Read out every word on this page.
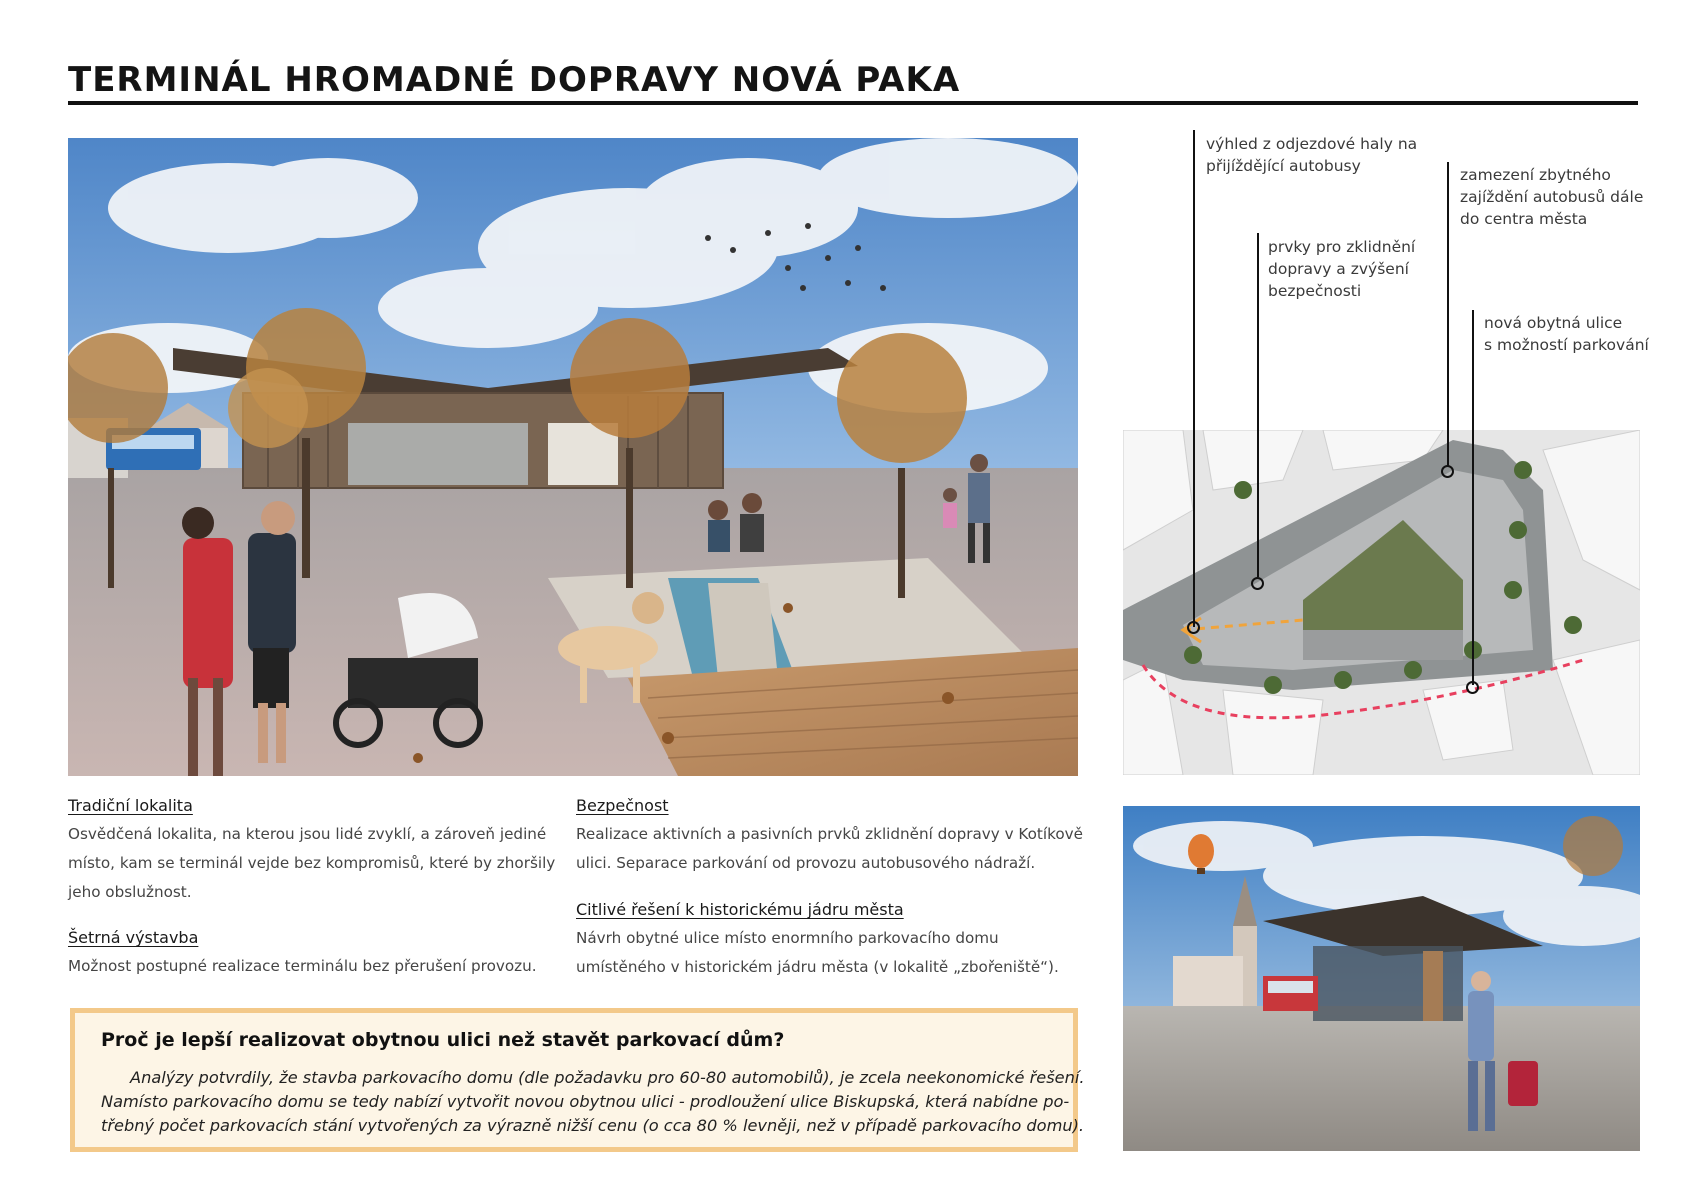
TERMINÁL HROMADNÉ DOPRAVY NOVÁ PAKA
výhled z odjezdové haly na
přijíždějící autobusy
prvky pro zklidnění
dopravy a zvýšení
bezpečnosti
zamezení zbytného
zajíždění autobusů dále
do centra města
nová obytná ulice
s možností parkování
Tradiční lokalita
Osvědčená lokalita, na kterou jsou lidé zvyklí, a zároveň jediné
místo, kam se terminál vejde bez kompromisů, které by zhoršily
jeho obslužnost.
Šetrná výstavba
Možnost postupné realizace terminálu bez přerušení provozu.
Bezpečnost
Realizace aktivních a pasivních prvků zklidnění dopravy v Kotíkově
ulici. Separace parkování od provozu autobusového nádraží.
Citlivé řešení k historickému jádru města
Návrh obytné ulice místo enormního parkovacího domu
umístěného v historickém jádru města (v lokalitě „zbořeniště“).
Proč je lepší realizovat obytnou ulici než stavět parkovací dům?
Analýzy potvrdily, že stavba parkovacího domu (dle požadavku pro 60-80 automobilů), je zcela neekonomické řešení.
Namísto parkovacího domu se tedy nabízí vytvořit novou obytnou ulici - prodloužení ulice Biskupská, která nabídne po-
třebný počet parkovacích stání vytvořených za výrazně nižší cenu (o cca 80 % levněji, než v případě parkovacího domu).
